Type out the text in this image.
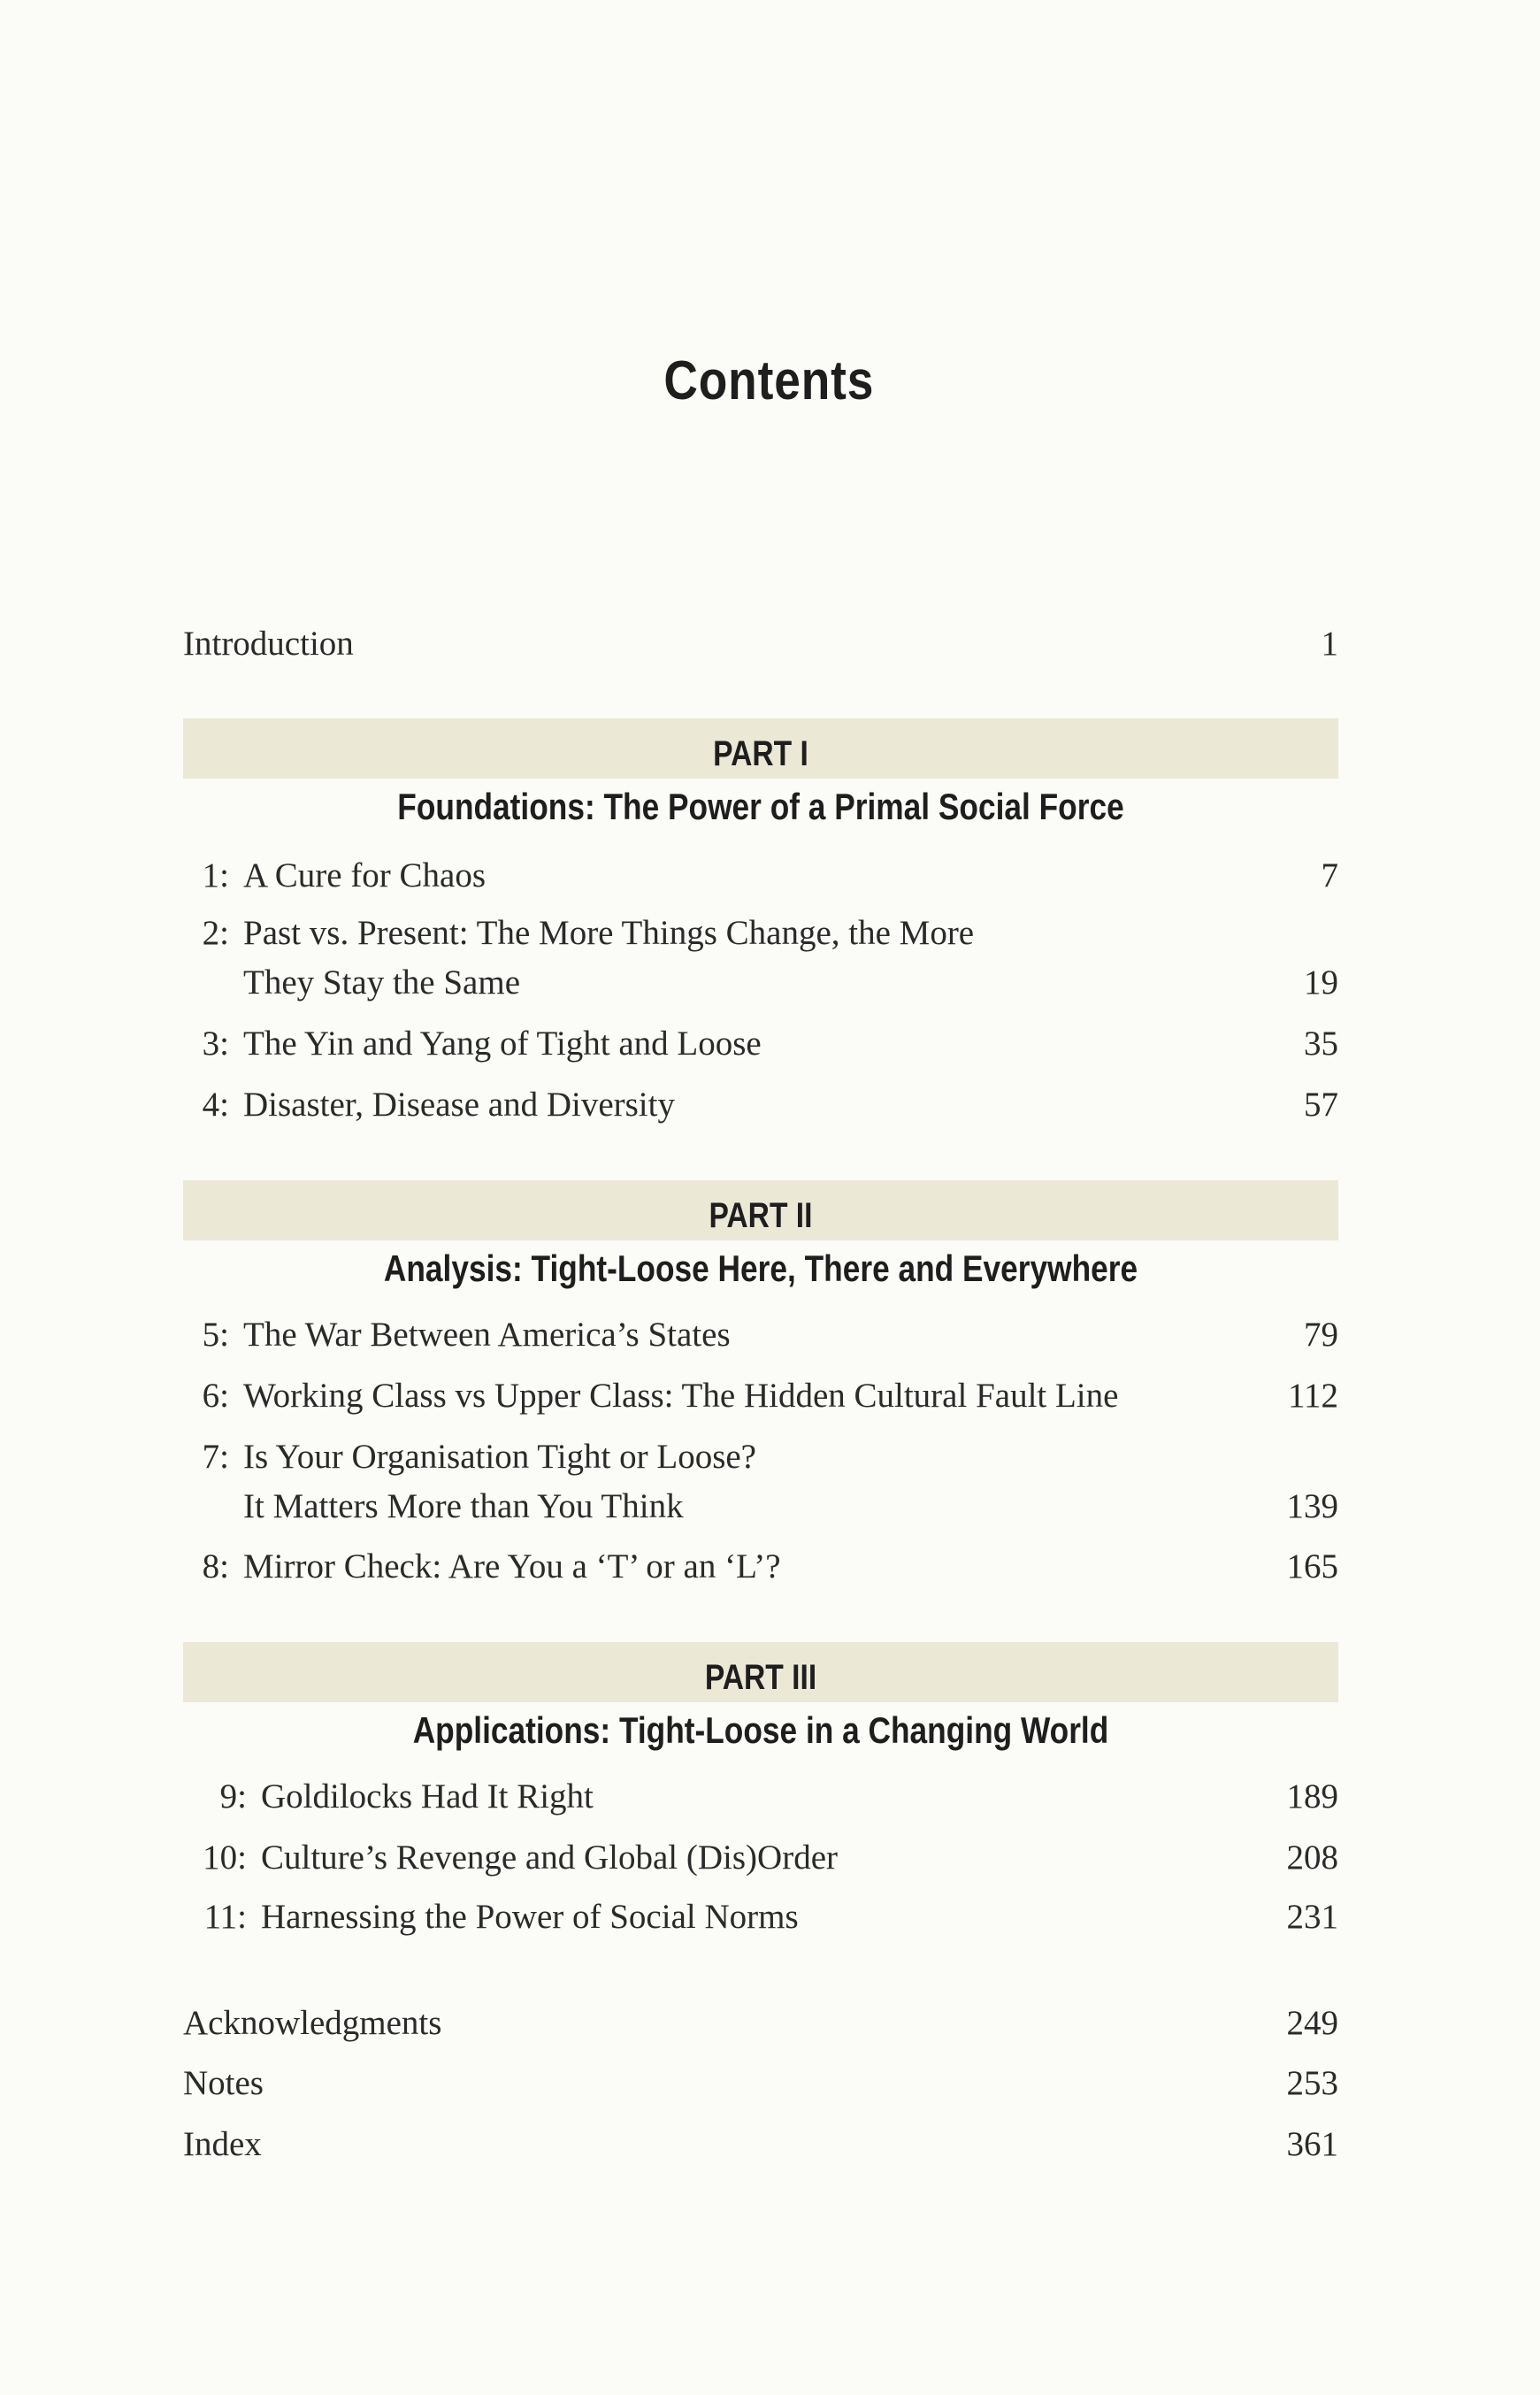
Contents
Introduction	1
PART I
Foundations: The Power of a Primal Social Force
1: A Cure for Chaos	7
2: Past vs. Present: The More Things Change, the More
They Stay the Same	19
3: The Yin and Yang of Tight and Loose	35
4: Disaster, Disease and Diversity	57
PART II
Analysis: Tight-Loose Here, There and Everywhere
5: The War Between America’s States	79
6: Working Class vs Upper Class: The Hidden Cultural Fault Line	112
7: Is Your Organisation Tight or Loose?
It Matters More than You Think	139
8: Mirror Check: Are You a ‘T’ or an ‘L’?	165
PART III
Applications: Tight-Loose in a Changing World
9: Goldilocks Had It Right	189
10: Culture’s Revenge and Global (Dis)Order	208
11: Harnessing the Power of Social Norms	231
Acknowledgments	249
Notes	253
Index	361
